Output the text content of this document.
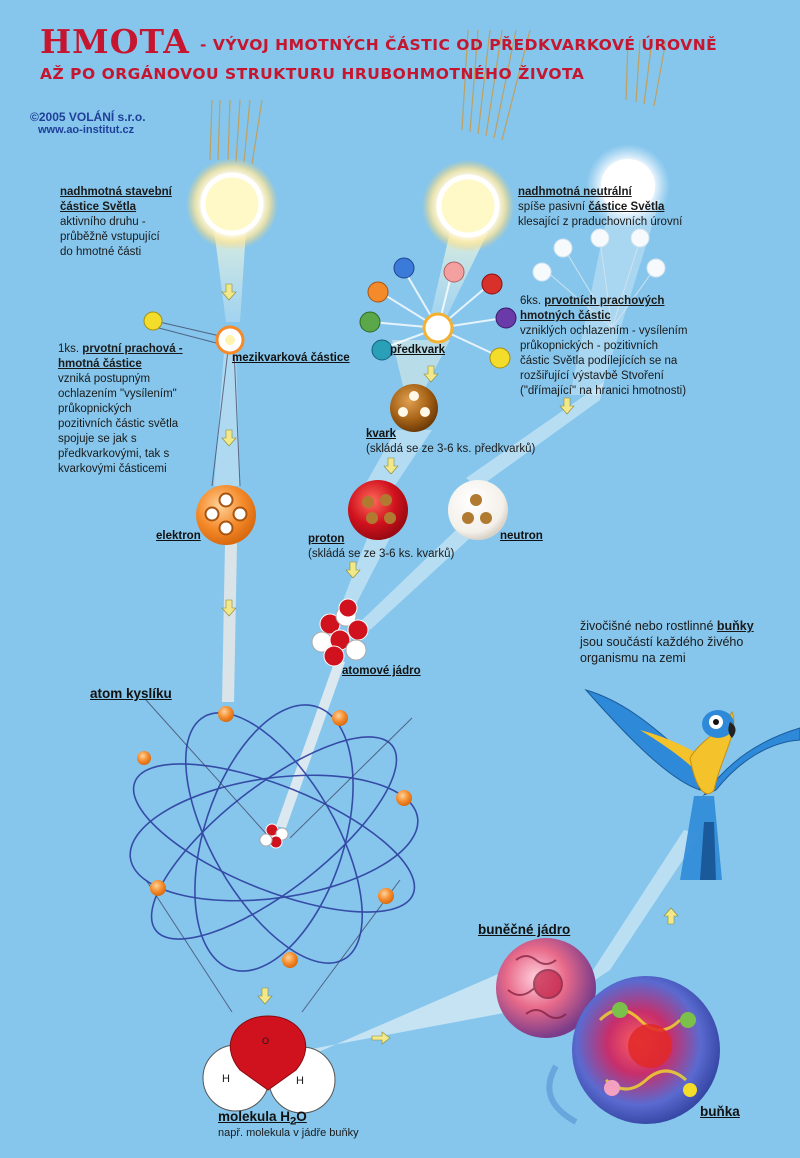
HMOTA - VÝVOJ HMOTNÝCH ČÁSTIC OD PŘEDKVARKOVÉ ÚROVNĚ
AŽ PO ORGÁNOVOU STRUKTURU HRUBOHMOTNÉHO ŽIVOTA
©2005 VOLÁNÍ s.r.o.
www.ao-institut.cz
nadhmotná stavební
částice Světla
aktivního druhu -
průběžně vstupující
do hmotné části
nadhmotná neutrální
spíše pasivní částice Světla
klesající z praduchovních úrovní
1ks. prvotní prachová -
hmotná částice
vzniká postupným
ochlazením "vysílením"
průkopnických
pozitivních částic světla
spojuje se jak s
předkvarkovými, tak s
kvarkovými částicemi
6ks. prvotních prachových
hmotných částic
vzniklých ochlazením - vysílením
průkopnických - pozitivních
částic Světla podílejících se na
rozšiřující výstavbě Stvoření
("dřímající" na hranici hmotnosti)
živočišné nebo rostlinné buňky
jsou součástí každého živého
organismu na zemi
mezikvarková částice
předkvark
kvark
(skládá se ze 3-6 ks. předkvarků)
elektron	proton
(skládá se ze 3-6 ks. kvarků)
neutron
atomové jádro
atom kyslíku
O
H	H
molekula $H_2O$
např. molekula v jádře buňky
buněčné jádro
buňka
